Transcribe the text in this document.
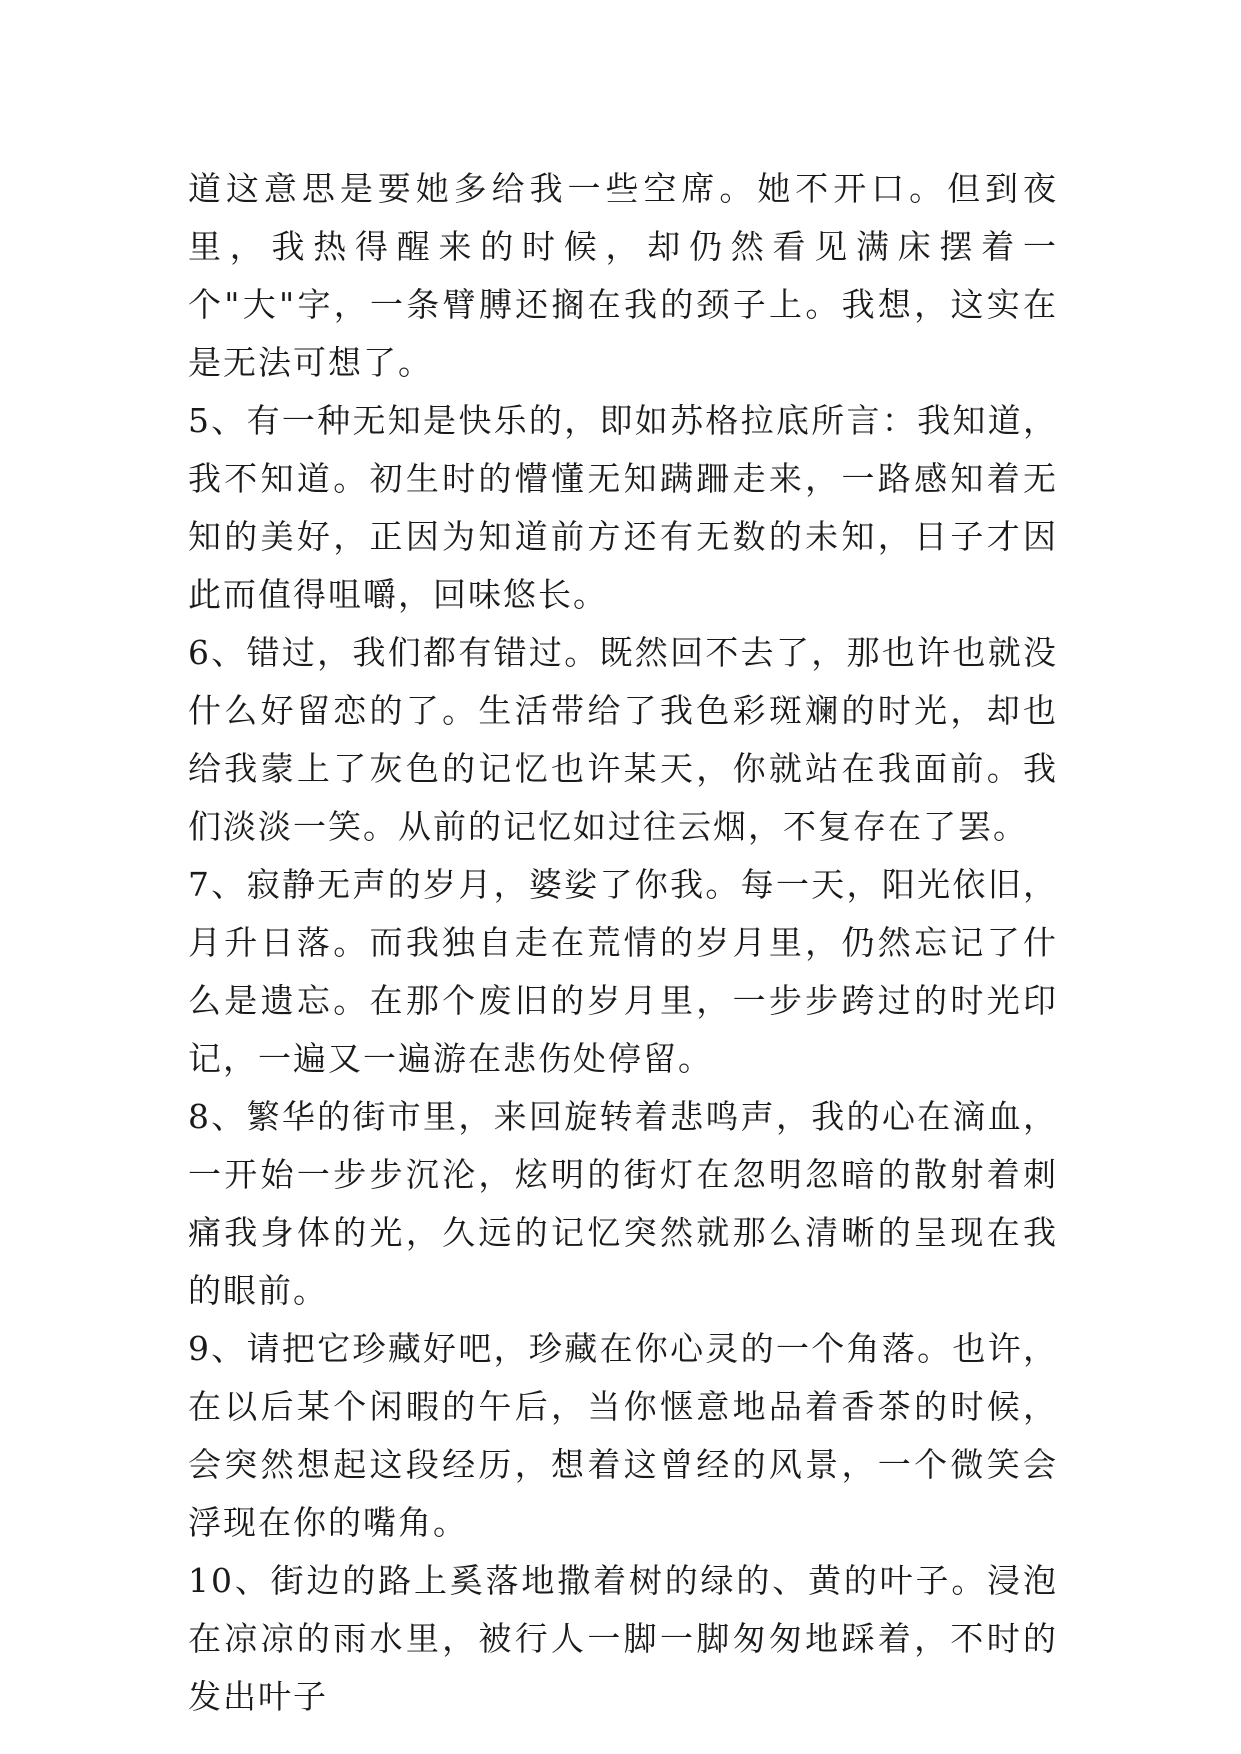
道这意思是要她多给我一些空席。她不开口。但到夜里，我热得醒来的时候，却仍然看见满床摆着一个"大"字，一条臂膊还搁在我的颈子上。我想，这实在是无法可想了。

5、有一种无知是快乐的，即如苏格拉底所言：我知道，我不知道。初生时的懵懂无知蹒跚走来，一路感知着无知的美好，正因为知道前方还有无数的未知，日子才因此而值得咀嚼，回味悠长。

6、错过，我们都有错过。既然回不去了，那也许也就没什么好留恋的了。生活带给了我色彩斑斓的时光，却也给我蒙上了灰色的记忆也许某天，你就站在我面前。我们淡淡一笑。从前的记忆如过往云烟，不复存在了罢。

7、寂静无声的岁月，婆娑了你我。每一天，阳光依旧，月升日落。而我独自走在荒情的岁月里，仍然忘记了什么是遗忘。在那个废旧的岁月里，一步步跨过的时光印记，一遍又一遍游在悲伤处停留。

8、繁华的街市里，来回旋转着悲鸣声，我的心在滴血，一开始一步步沉沦，炫明的街灯在忽明忽暗的散射着刺痛我身体的光，久远的记忆突然就那么清晰的呈现在我的眼前。

9、请把它珍藏好吧，珍藏在你心灵的一个角落。也许，在以后某个闲暇的午后，当你惬意地品着香茶的时候，会突然想起这段经历，想着这曾经的风景，一个微笑会浮现在你的嘴角。

10、街边的路上奚落地撒着树的绿的、黄的叶子。浸泡在凉凉的雨水里，被行人一脚一脚匆匆地踩着，不时的发出叶子
